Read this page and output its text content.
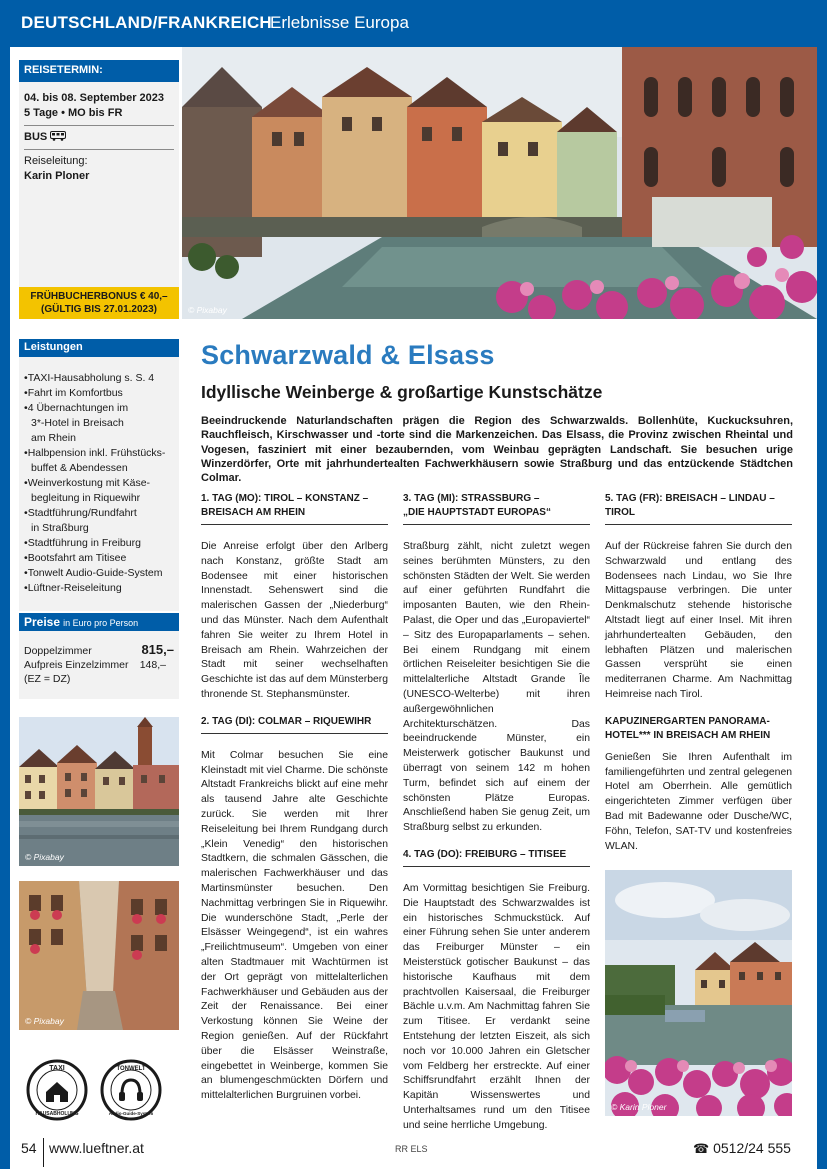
DEUTSCHLAND/FRANKREICH
Erlebnisse Europa
REISETERMIN:
04. bis 08. September 2023
5 Tage • MO bis FR
BUS
Reiseleitung:
Karin Ploner
FRÜHBUCHERBONUS € 40,–
(GÜLTIG BIS 27.01.2023)
Leistungen
• TAXI-Hausabholung s. S. 4
• Fahrt im Komfortbus
• 4 Übernachtungen im
3*-Hotel in Breisach
am Rhein
• Halbpension inkl. Frühstücks-
buffet & Abendessen
• Weinverkostung mit Käse-
begleitung in Riquewihr
• Stadtführung/Rundfahrt
in Straßburg
• Stadtführung in Freiburg
• Bootsfahrt am Titisee
• Tonwelt Audio-Guide-System
• Lüftner-Reiseleitung
Preise in Euro pro Person
Doppelzimmer	815,–
Aufpreis Einzelzimmer 148,–
(EZ = DZ)
© Pixabay
© Pixabay
TAXI
HAUSABHOLUNG
TONWELT
Audio-Guide-System
© Pixabay
Schwarzwald & Elsass
Idyllische Weinberge & großartige Kunstschätze
Beeindruckende Naturlandschaften prägen die Region des Schwarzwalds. Bollenhüte, Kuckucksuhren, Rauchfleisch, Kirschwasser und -torte sind die Markenzeichen. Das Elsass, die Provinz zwischen Rheintal und Vogesen, fasziniert mit einer bezaubernden, vom Weinbau geprägten Landschaft. Sie besuchen urige Winzerdörfer, Orte mit jahrhundertealten Fachwerkhäusern sowie Straßburg und das entzückende Städtchen Colmar.
1. TAG (MO): TIROL – KONSTANZ –
BREISACH AM RHEIN
Die Anreise erfolgt über den Arlberg nach Konstanz, größte Stadt am Bodensee mit einer historischen Innenstadt. Sehenswert sind die malerischen Gassen der „Niederburg“ und das Münster. Nach dem Aufenthalt fahren Sie weiter zu Ihrem Hotel in Breisach am Rhein. Wahrzeichen der Stadt mit seiner wechselhaften Geschichte ist das auf dem Münsterberg thronende St. Stephansmünster.
2. TAG (DI): COLMAR – RIQUEWIHR
Mit Colmar besuchen Sie eine Kleinstadt mit viel Charme. Die schönste Altstadt Frankreichs blickt auf eine mehr als tausend Jahre alte Geschichte zurück. Sie werden mit Ihrer Reiseleitung bei Ihrem Rundgang durch „Klein Venedig“ den historischen Stadtkern, die schmalen Gässchen, die malerischen Fachwerkhäuser und das Martinsmünster besuchen. Den Nachmittag verbringen Sie in Riquewihr. Die wunderschöne Stadt, „Perle der Elsässer Weingegend“, ist ein wahres „Freilichtmuseum“. Umgeben von einer alten Stadtmauer mit Wachtürmen ist der Ort geprägt von mittelalterlichen Fachwerkhäuser und Gebäuden aus der Zeit der Renaissance. Bei einer Verkostung können Sie Weine der Region genießen. Auf der Rückfahrt über die Elsässer Weinstraße, eingebettet in Weinberge, kommen Sie an blumengeschmückten Dörfern und mittelalterlichen Burgruinen vorbei.
3. TAG (MI): STRASSBURG –
„DIE HAUPTSTADT EUROPAS“
Straßburg zählt, nicht zuletzt wegen seines berühmten Münsters, zu den schönsten Städten der Welt. Sie werden auf einer geführten Rundfahrt die imposanten Bauten, wie den Rhein-Palast, die Oper und das „Europaviertel“ – Sitz des Europaparlaments – sehen. Bei einem Rundgang mit einem örtlichen Reiseleiter besichtigen Sie die mittelalterliche Altstadt Grande Île (UNESCO-Welterbe) mit ihren außergewöhnlichen Architekturschätzen. Das beeindruckende Münster, ein Meisterwerk gotischer Baukunst und überragt von seinem 142 m hohen Turm, befindet sich auf einem der schönsten Plätze Europas. Anschließend haben Sie genug Zeit, um Straßburg selbst zu erkunden.
4. TAG (DO): FREIBURG – TITISEE
Am Vormittag besichtigen Sie Freiburg. Die Hauptstadt des Schwarzwaldes ist ein historisches Schmuckstück. Auf einer Führung sehen Sie unter anderem das Freiburger Münster – ein Meisterstück gotischer Baukunst – das historische Kaufhaus mit dem prachtvollen Kaisersaal, die Freiburger Bächle u.v.m. Am Nachmittag fahren Sie zum Titisee. Er verdankt seine Entstehung der letzten Eiszeit, als sich noch vor 10.000 Jahren ein Gletscher vom Feldberg her erstreckte. Auf einer Schiffsrundfahrt erzählt Ihnen der Kapitän Wissenswertes und Unterhaltsames rund um den Titisee und seine herrliche Umgebung.
5. TAG (FR): BREISACH – LINDAU –
TIROL
Auf der Rückreise fahren Sie durch den Schwarzwald und entlang des Bodensees nach Lindau, wo Sie Ihre Mittagspause verbringen. Die unter Denkmalschutz stehende historische Altstadt liegt auf einer Insel. Mit ihren jahrhundertealten Gebäuden, den lebhaften Plätzen und malerischen Gassen versprüht sie einen mediterranen Charme. Am Nachmittag Heimreise nach Tirol.
KAPUZINERGARTEN PANORAMA-
HOTEL*** IN BREISACH AM RHEIN
Genießen Sie Ihren Aufenthalt im familiengeführten und zentral gelegenen Hotel am Oberrhein. Alle gemütlich eingerichteten Zimmer verfügen über Bad mit Badewanne oder Dusche/WC, Föhn, Telefon, SAT-TV und kostenfreies WLAN.
© Karin Ploner
54 www.lueftner.at	RR ELS	☎ 0512/24 555
